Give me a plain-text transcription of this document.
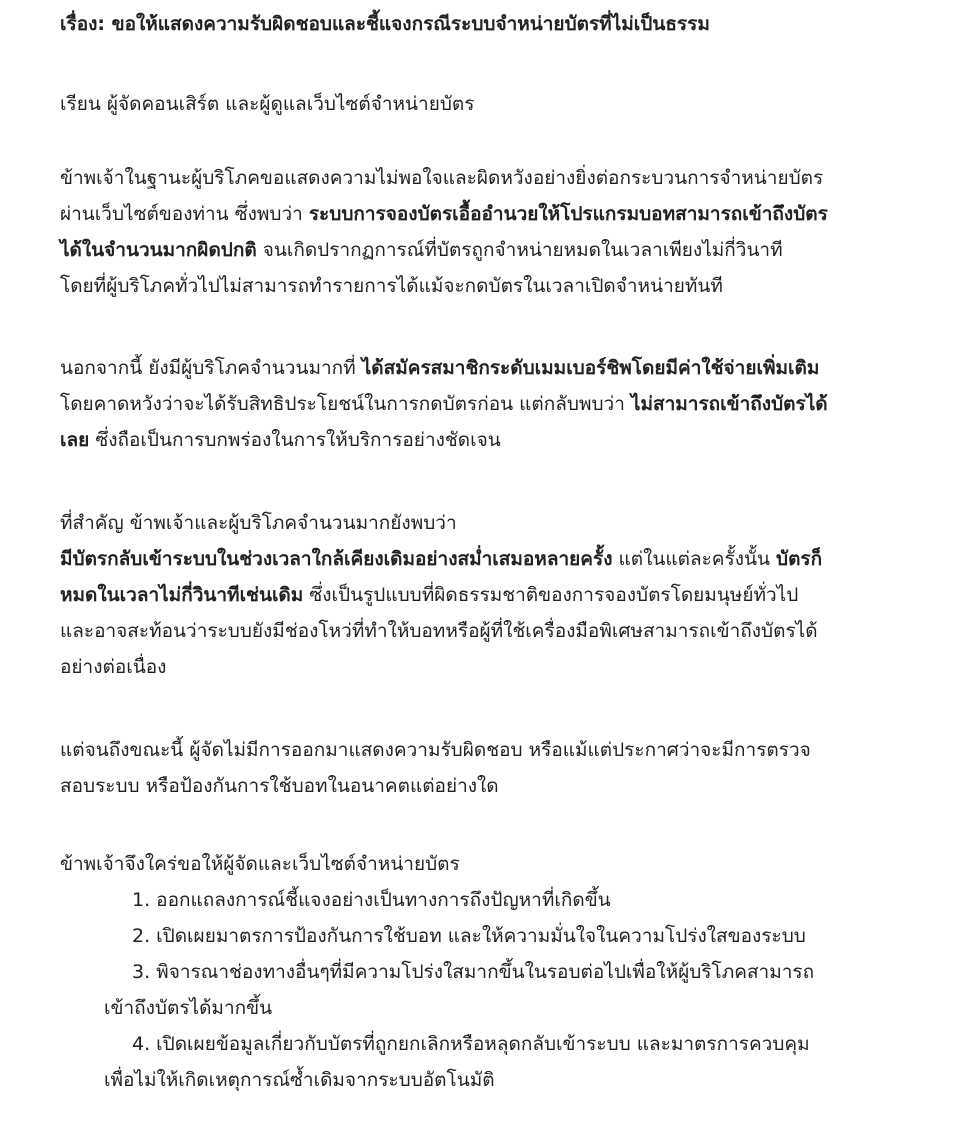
เรื่อง: ขอให้แสดงความรับผิดชอบและชี้แจงกรณีระบบจำหน่ายบัตรที่ไม่เป็นธรรม
เรียน ผู้จัดคอนเสิร์ต และผู้ดูแลเว็บไซต์จำหน่ายบัตร
ข้าพเจ้าในฐานะผู้บริโภคขอแสดงความไม่พอใจและผิดหวังอย่างยิ่งต่อกระบวนการจำหน่ายบัตร
ผ่านเว็บไซต์ของท่าน ซึ่งพบว่า ระบบการจองบัตรเอื้ออำนวยให้โปรแกรมบอทสามารถเข้าถึงบัตร
ได้ในจำนวนมากผิดปกติ จนเกิดปรากฏการณ์ที่บัตรถูกจำหน่ายหมดในเวลาเพียงไม่กี่วินาที
โดยที่ผู้บริโภคทั่วไปไม่สามารถทำรายการได้แม้จะกดบัตรในเวลาเปิดจำหน่ายทันที
นอกจากนี้ ยังมีผู้บริโภคจำนวนมากที่ ได้สมัครสมาชิกระดับเมมเบอร์ชิพโดยมีค่าใช้จ่ายเพิ่มเติม
โดยคาดหวังว่าจะได้รับสิทธิประโยชน์ในการกดบัตรก่อน แต่กลับพบว่า ไม่สามารถเข้าถึงบัตรได้
เลย ซึ่งถือเป็นการบกพร่องในการให้บริการอย่างชัดเจน
ที่สำคัญ ข้าพเจ้าและผู้บริโภคจำนวนมากยังพบว่า
มีบัตรกลับเข้าระบบในช่วงเวลาใกล้เคียงเดิมอย่างสม่ำเสมอหลายครั้ง แต่ในแต่ละครั้งนั้น บัตรก็
หมดในเวลาไม่กี่วินาทีเช่นเดิม ซึ่งเป็นรูปแบบที่ผิดธรรมชาติของการจองบัตรโดยมนุษย์ทั่วไป
และอาจสะท้อนว่าระบบยังมีช่องโหว่ที่ทำให้บอทหรือผู้ที่ใช้เครื่องมือพิเศษสามารถเข้าถึงบัตรได้
อย่างต่อเนื่อง
แต่จนถึงขณะนี้ ผู้จัดไม่มีการออกมาแสดงความรับผิดชอบ หรือแม้แต่ประกาศว่าจะมีการตรวจ
สอบระบบ หรือป้องกันการใช้บอทในอนาคตแต่อย่างใด
ข้าพเจ้าจึงใคร่ขอให้ผู้จัดและเว็บไซต์จำหน่ายบัตร
1. ออกแถลงการณ์ชี้แจงอย่างเป็นทางการถึงปัญหาที่เกิดขึ้น
2. เปิดเผยมาตรการป้องกันการใช้บอท และให้ความมั่นใจในความโปร่งใสของระบบ
3. พิจารณาช่องทางอื่นๆที่มีความโปร่งใสมากขึ้นในรอบต่อไปเพื่อให้ผู้บริโภคสามารถ
เข้าถึงบัตรได้มากขึ้น
4. เปิดเผยข้อมูลเกี่ยวกับบัตรที่ถูกยกเลิกหรือหลุดกลับเข้าระบบ และมาตรการควบคุม
เพื่อไม่ให้เกิดเหตุการณ์ซ้ำเดิมจากระบบอัตโนมัติ
